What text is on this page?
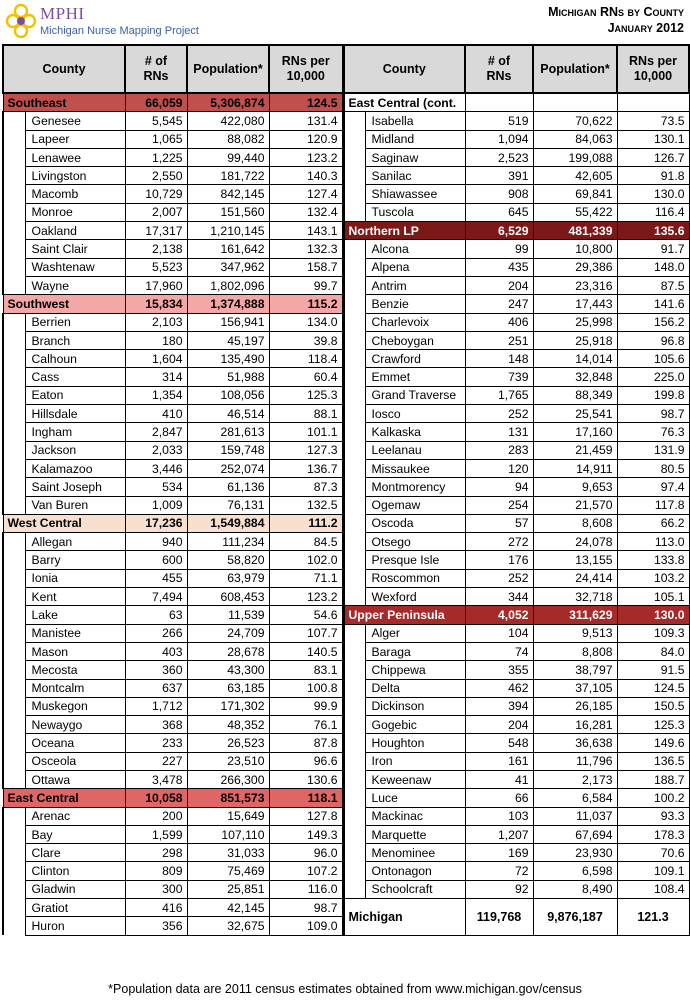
MPHI
Michigan Nurse Mapping Project
Michigan RNs by County
January 2012
County		# of
RNs	Population*	RNs per
10,000	County		# of
RNs	Population*	RNs per
10,000
Southeast		66,059	5,306,874	124.5	East Central (cont.				
	Genesee	5,545	422,080	131.4		Isabella	519	70,622	73.5
	Lapeer	1,065	88,082	120.9		Midland	1,094	84,063	130.1
	Lenawee	1,225	99,440	123.2		Saginaw	2,523	199,088	126.7
	Livingston	2,550	181,722	140.3		Sanilac	391	42,605	91.8
	Macomb	10,729	842,145	127.4		Shiawassee	908	69,841	130.0
	Monroe	2,007	151,560	132.4		Tuscola	645	55,422	116.4
	Oakland	17,317	1,210,145	143.1	Northern LP		6,529	481,339	135.6
	Saint Clair	2,138	161,642	132.3		Alcona	99	10,800	91.7
	Washtenaw	5,523	347,962	158.7		Alpena	435	29,386	148.0
	Wayne	17,960	1,802,096	99.7		Antrim	204	23,316	87.5
Southwest		15,834	1,374,888	115.2		Benzie	247	17,443	141.6
	Berrien	2,103	156,941	134.0		Charlevoix	406	25,998	156.2
	Branch	180	45,197	39.8		Cheboygan	251	25,918	96.8
	Calhoun	1,604	135,490	118.4		Crawford	148	14,014	105.6
	Cass	314	51,988	60.4		Emmet	739	32,848	225.0
	Eaton	1,354	108,056	125.3		Grand Traverse	1,765	88,349	199.8
	Hillsdale	410	46,514	88.1		Iosco	252	25,541	98.7
	Ingham	2,847	281,613	101.1		Kalkaska	131	17,160	76.3
	Jackson	2,033	159,748	127.3		Leelanau	283	21,459	131.9
	Kalamazoo	3,446	252,074	136.7		Missaukee	120	14,911	80.5
	Saint Joseph	534	61,136	87.3		Montmorency	94	9,653	97.4
	Van Buren	1,009	76,131	132.5		Ogemaw	254	21,570	117.8
West Central		17,236	1,549,884	111.2		Oscoda	57	8,608	66.2
	Allegan	940	111,234	84.5		Otsego	272	24,078	113.0
	Barry	600	58,820	102.0		Presque Isle	176	13,155	133.8
	Ionia	455	63,979	71.1		Roscommon	252	24,414	103.2
	Kent	7,494	608,453	123.2		Wexford	344	32,718	105.1
	Lake	63	11,539	54.6	Upper Peninsula		4,052	311,629	130.0
	Manistee	266	24,709	107.7		Alger	104	9,513	109.3
	Mason	403	28,678	140.5		Baraga	74	8,808	84.0
	Mecosta	360	43,300	83.1		Chippewa	355	38,797	91.5
	Montcalm	637	63,185	100.8		Delta	462	37,105	124.5
	Muskegon	1,712	171,302	99.9		Dickinson	394	26,185	150.5
	Newaygo	368	48,352	76.1		Gogebic	204	16,281	125.3
	Oceana	233	26,523	87.8		Houghton	548	36,638	149.6
	Osceola	227	23,510	96.6		Iron	161	11,796	136.5
	Ottawa	3,478	266,300	130.6		Keweenaw	41	2,173	188.7
East Central		10,058	851,573	118.1		Luce	66	6,584	100.2
	Arenac	200	15,649	127.8		Mackinac	103	11,037	93.3
	Bay	1,599	107,110	149.3		Marquette	1,207	67,694	178.3
	Clare	298	31,033	96.0		Menominee	169	23,930	70.6
	Clinton	809	75,469	107.2		Ontonagon	72	6,598	109.1
	Gladwin	300	25,851	116.0		Schoolcraft	92	8,490	108.4
	Gratiot	416	42,145	98.7	Michigan		119,768	9,876,187	121.3
	Huron	356	32,675	109.0					
*Population data are 2011 census estimates obtained from www.michigan.gov/census
